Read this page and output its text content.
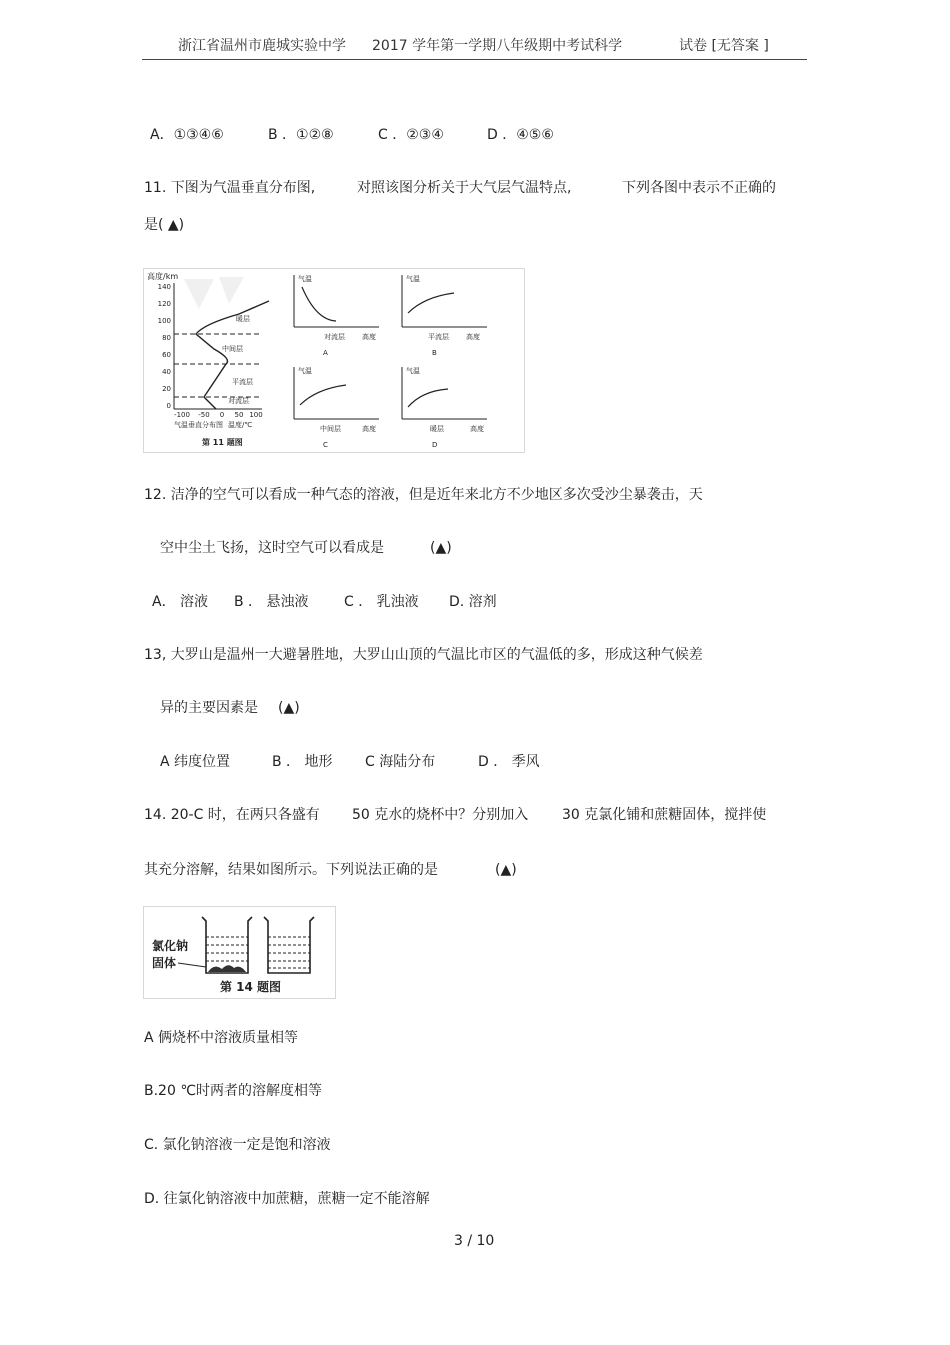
浙江省温州市鹿城实验中学 2017 学年第一学期八年级期中考试科学	试卷 [无答案 ]
A．①③④⑥	B ．①②⑧	C ．②③④	D ．④⑤⑥
11. 下图为气温垂直分布图,	对照该图分析关于大气层气温特点,	下列各图中表示不正确的
是( ▲)
高度/km
140
120
100
80
60
40
20
0
-100 -50 0 50 100
温度/℃
气温垂直分布图
第 11 题图
暖层
中间层
平流层
对流层
气温
对流层 高度
A
气温
平流层 高度
B
气温
中间层	高度
C
气温
暖层	高度
D
12. 洁净的空气可以看成一种气态的溶液，但是近年来北方不少地区多次受沙尘暴袭击，天
空中尘土飞扬，这时空气可以看成是	(▲)
A． 溶液 B ． 悬浊液	C ． 乳浊液 D. 溶剂
13, 大罗山是温州一大避暑胜地，大罗山山顶的气温比市区的气温低的多，形成这种气候差
异的主要因素是 (▲)
A 纬度位置	B ． 地形 C 海陆分布	D ． 季风
14. 20-C 时，在两只各盛有 50 克水的烧杯中？分别加入 30 克氯化铺和蔗糖固体，搅拌使
其充分溶解，结果如图所示。下列说法正确的是	(▲)
氯化钠
固体
第 14 题图
A 俩烧杯中溶液质量相等
B.20 ℃时两者的溶解度相等
C. 氯化钠溶液一定是饱和溶液
D. 往氯化钠溶液中加蔗糖，蔗糖一定不能溶解
3 / 10
